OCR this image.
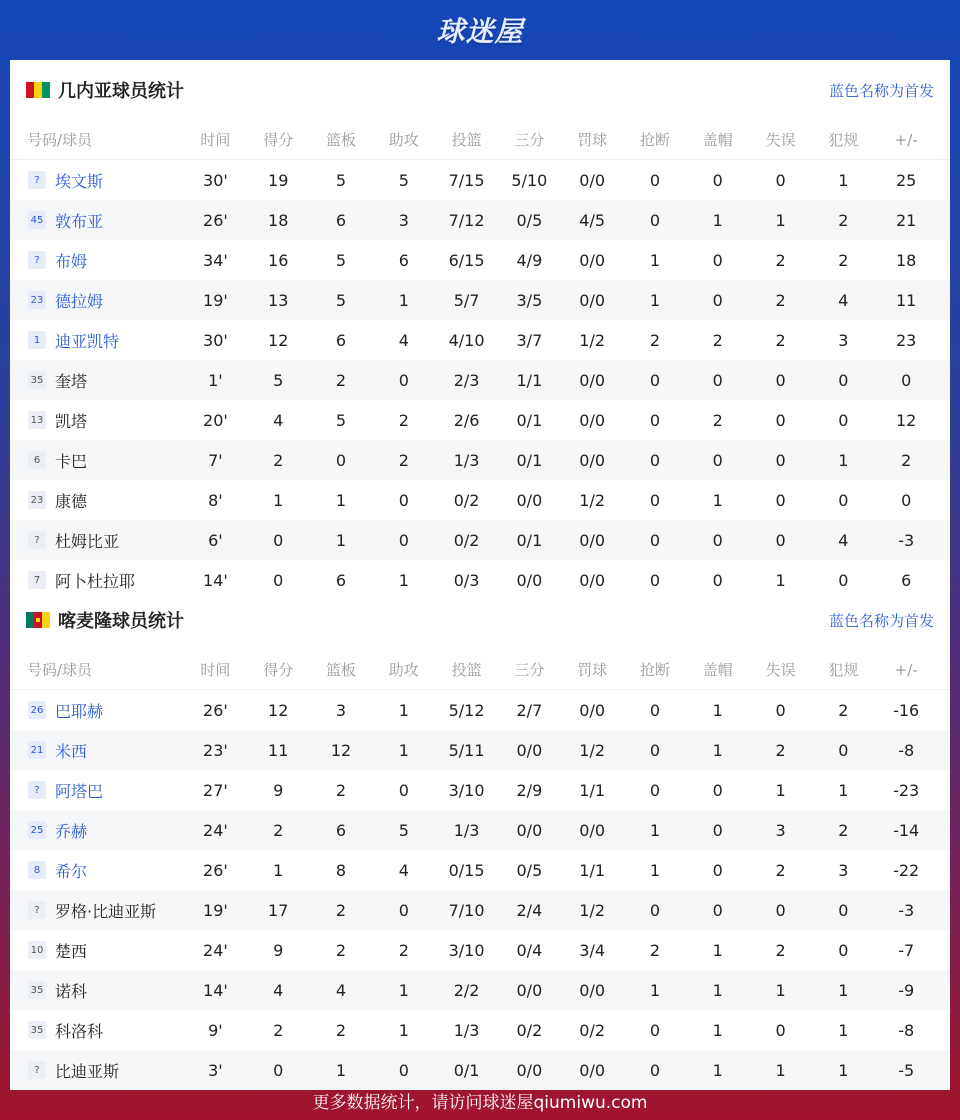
球迷屋
几内亚球员统计	蓝色名称为首发
号码/球员	时间	得分	篮板	助攻	投篮	三分	罚球	抢断	盖帽	失误	犯规	+/-
? 埃文斯	30'	19	5	5	7/15	5/10	0/0	0	0	0	1	25
45 敦布亚	26'	18	6	3	7/12	0/5	4/5	0	1	1	2	21
? 布姆	34'	16	5	6	6/15	4/9	0/0	1	0	2	2	18
23 德拉姆	19'	13	5	1	5/7	3/5	0/0	1	0	2	4	11
1 迪亚凯特	30'	12	6	4	4/10	3/7	1/2	2	2	2	3	23
35 奎塔	1'	5	2	0	2/3	1/1	0/0	0	0	0	0	0
13 凯塔	20'	4	5	2	2/6	0/1	0/0	0	2	0	0	12
6 卡巴	7'	2	0	2	1/3	0/1	0/0	0	0	0	1	2
23 康德	8'	1	1	0	0/2	0/0	1/2	0	1	0	0	0
? 杜姆比亚	6'	0	1	0	0/2	0/1	0/0	0	0	0	4	-3
7 阿卜杜拉耶	14'	0	6	1	0/3	0/0	0/0	0	0	1	0	6
喀麦隆球员统计	蓝色名称为首发
号码/球员	时间	得分	篮板	助攻	投篮	三分	罚球	抢断	盖帽	失误	犯规	+/-
26 巴耶赫	26'	12	3	1	5/12	2/7	0/0	0	1	0	2	-16
21 米西	23'	11	12	1	5/11	0/0	1/2	0	1	2	0	-8
? 阿塔巴	27'	9	2	0	3/10	2/9	1/1	0	0	1	1	-23
25 乔赫	24'	2	6	5	1/3	0/0	0/0	1	0	3	2	-14
8 希尔	26'	1	8	4	0/15	0/5	1/1	1	0	2	3	-22
? 罗格·比迪亚斯	19'	17	2	0	7/10	2/4	1/2	0	0	0	0	-3
10 楚西	24'	9	2	2	3/10	0/4	3/4	2	1	2	0	-7
35 诺科	14'	4	4	1	2/2	0/0	0/0	1	1	1	1	-9
35 科洛科	9'	2	2	1	1/3	0/2	0/2	0	1	0	1	-8
? 比迪亚斯	3'	0	1	0	0/1	0/0	0/0	0	1	1	1	-5
更多数据统计，请访问球迷屋qiumiwu.com
